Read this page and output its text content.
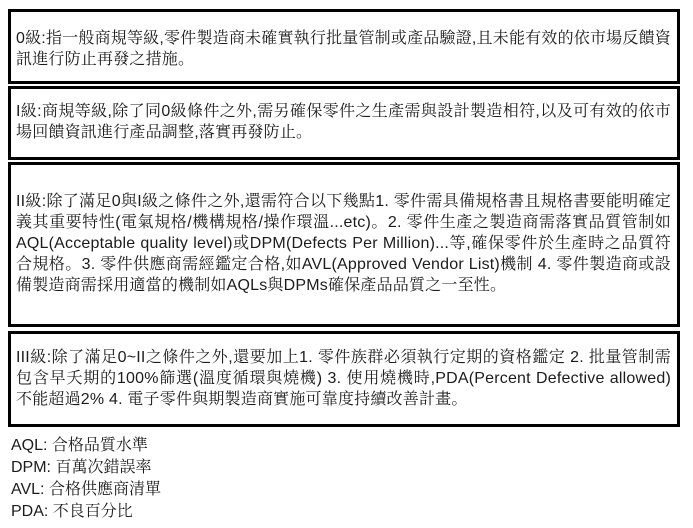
0級:指一般商規等級,零件製造商未確實執行批量管制或產品驗證,且未能有效的依市場反饋資訊進行防止再發之措施。
I級:商規等級,除了同0級條件之外,需另確保零件之生產需與設計製造相符,以及可有效的依市場回饋資訊進行產品調整,落實再發防止。
II級:除了滿足0與I級之條件之外,還需符合以下幾點1. 零件需具備規格書且規格書要能明確定義其重要特性(電氣規格/機構規格/操作環溫...etc)。2. 零件生產之製造商需落實品質管制如AQL(Acceptable quality level)或DPM(Defects Per Million)...等,確保零件於生產時之品質符合規格。3. 零件供應商需經鑑定合格,如AVL(Approved Vendor List)機制 4. 零件製造商或設備製造商需採用適當的機制如AQLs與DPMs確保產品品質之一至性。
III級:除了滿足0~II之條件之外,還要加上1. 零件族群必須執行定期的資格鑑定 2. 批量管制需包含早夭期的100%篩選(溫度循環與燒機) 3. 使用燒機時,PDA(Percent Defective allowed)不能超過2% 4. 電子零件與期製造商實施可靠度持續改善計畫。
AQL: 合格品質水準
DPM: 百萬次錯誤率
AVL: 合格供應商清單
PDA: 不良百分比
